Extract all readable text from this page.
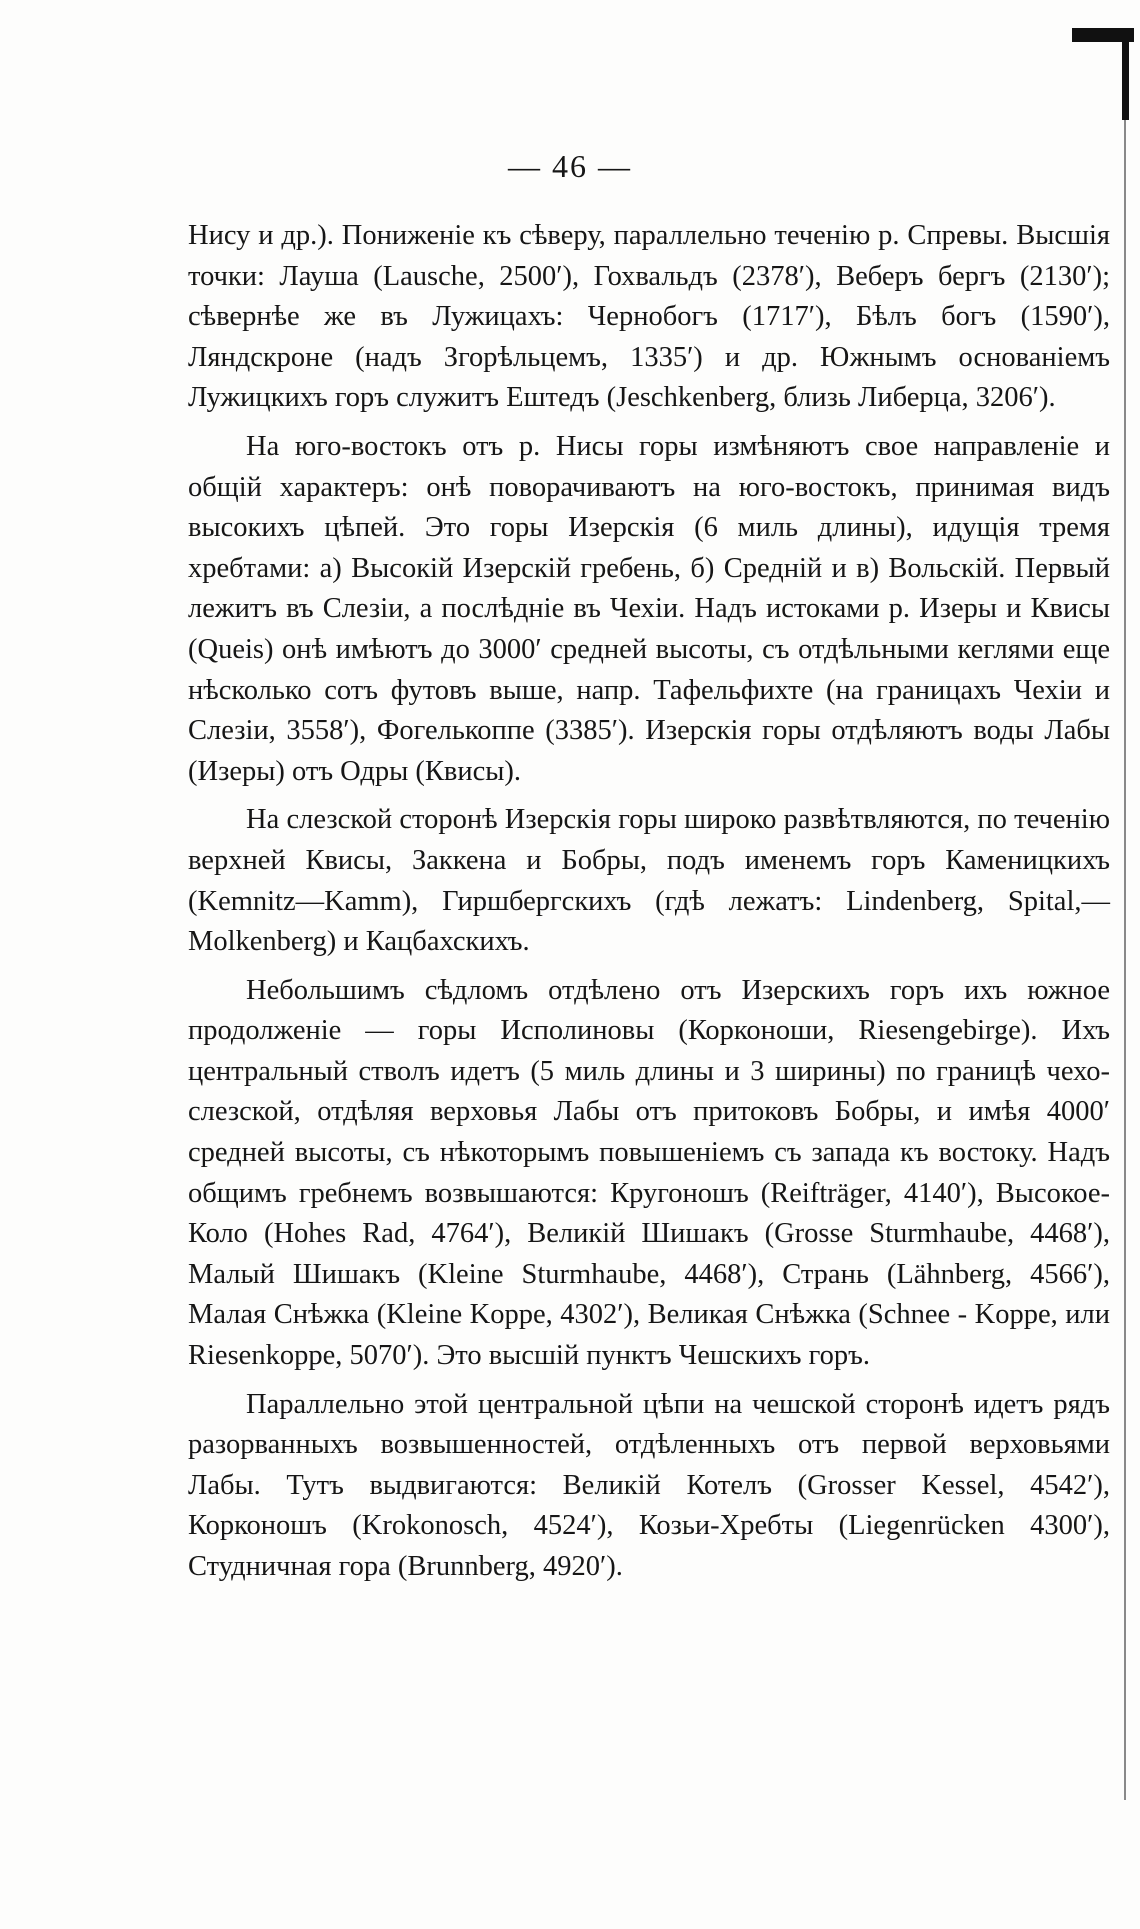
— 46 —

Нису и др.). Пониженіе къ сѣверу, параллельно теченію р. Спревы. Высшія точки: Лауша (Lausche, 2500′), Гохвальдъ (2378′), Веберъ бергъ (2130′); сѣвернѣе же въ Лужицахъ: Чернобогъ (1717′), Бѣлъ богъ (1590′), Ляндскроне (надъ Згорѣльцемъ, 1335′) и др. Южнымъ основаніемъ Лужицкихъ горъ служитъ Ештедъ (Jeschkenberg, близь Либерца, 3206′).

На юго-востокъ отъ р. Нисы горы измѣняютъ свое направленіе и общій характеръ: онѣ поворачиваютъ на юго-востокъ, принимая видъ высокихъ цѣпей. Это горы Изерскія (6 миль длины), идущія тремя хребтами: а) Высокій Изерскій гребень, б) Средній и в) Вольскій. Первый лежитъ въ Слезіи, а послѣдніе въ Чехіи. Надъ истоками р. Изеры и Квисы (Queis) онѣ имѣютъ до 3000′ средней высоты, съ отдѣльными кеглями еще нѣсколько сотъ футовъ выше, напр. Тафельфихте (на границахъ Чехіи и Слезіи, 3558′), Фогелькоппе (3385′). Изерскія горы отдѣляютъ воды Лабы (Изеры) отъ Одры (Квисы).

На слезской сторонѣ Изерскія горы широко развѣтвляются, по теченію верхней Квисы, Заккена и Бобры, подъ именемъ горъ Каменицкихъ (Kemnitz—Kamm), Гиршбергскихъ (гдѣ лежатъ: Lindenberg, Spital,—Molkenberg) и Кацбахскихъ.

Небольшимъ сѣдломъ отдѣлено отъ Изерскихъ горъ ихъ южное продолженіе — горы Исполиновы (Корконоши, Riesengebirge). Ихъ центральный стволъ идетъ (5 миль длины и 3 ширины) по границѣ чехо-слезской, отдѣляя верховья Лабы отъ притоковъ Бобры, и имѣя 4000′ средней высоты, съ нѣкоторымъ повышеніемъ съ запада къ востоку. Надъ общимъ гребнемъ возвышаются: Кругоношъ (Reifträger, 4140′), Высокое-Коло (Hohes Rad, 4764′), Великій Шишакъ (Grosse Sturmhaube, 4468′), Малый Шишакъ (Kleine Sturmhaube, 4468′), Странь (Lähnberg, 4566′), Малая Снѣжка (Kleine Koppe, 4302′), Великая Снѣжка (Schnee - Koppe, или Riesenkoppe, 5070′). Это высшій пунктъ Чешскихъ горъ.

Параллельно этой центральной цѣпи на чешской сторонѣ идетъ рядъ разорванныхъ возвышенностей, отдѣленныхъ отъ первой верховьями Лабы. Тутъ выдвигаются: Великій Котелъ (Grosser Kessel, 4542′), Корконошъ (Krokonosch, 4524′), Козьи-Хребты (Liegenrücken 4300′), Студничная гора (Brunnberg, 4920′).
